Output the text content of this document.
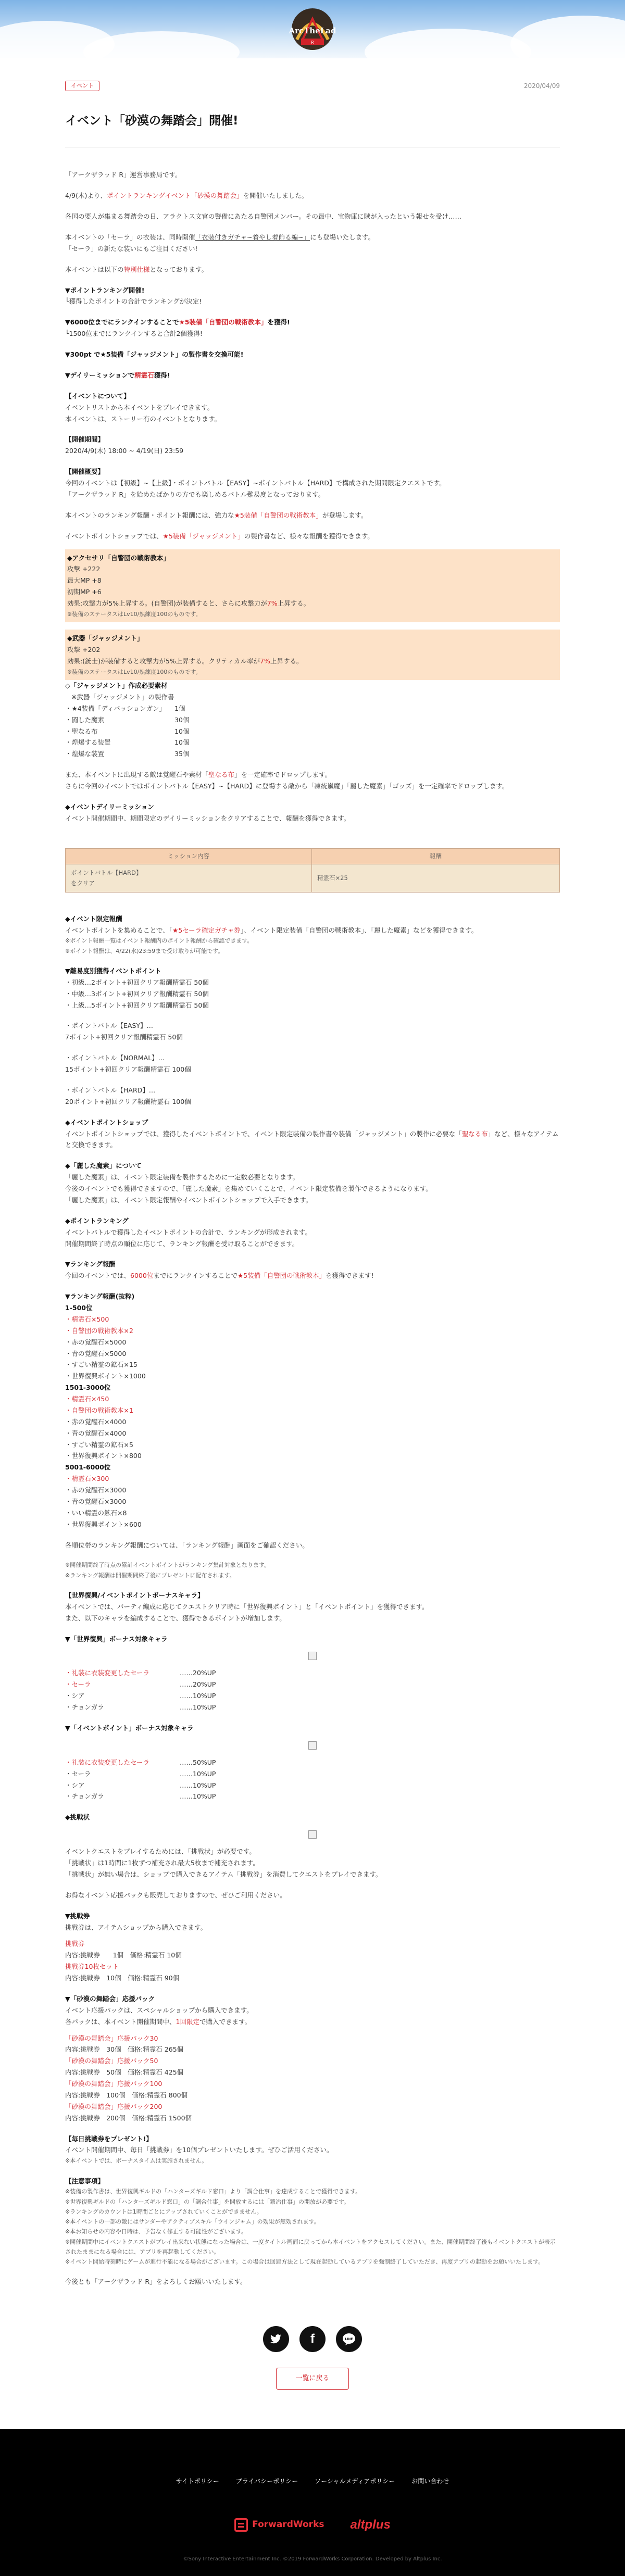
ArcTheLad
R
イベント	2020/04/09
イベント「砂漠の舞踏会」開催!

「アークザラッド R」運営事務局です。

4/9(木)より、ポイントランキングイベント「砂漠の舞踏会」を開催いたしました。

各国の要人が集まる舞踏会の日、アラクトス文官の警備にあたる自警団メンバー。その最中、宝物庫に賊が入ったという報せを受け……

本イベントの「セーラ」の衣装は、同時開催「衣装付きガチャ~着やし着飾る編~」にも登場いたします。

「セーラ」の新たな装いにもご注目ください!

本イベントは以下の特別仕様となっております。

▼ポイントランキング開催!

└獲得したポイントの合計でランキングが決定!

▼6000位までにランクインすることで★5装備「自警団の戦術教本」を獲得!

└1500位までにランクインすると合計2個獲得!

▼300pt で★5装備「ジャッジメント」の製作書を交換可能!

▼デイリーミッションで精霊石獲得!

【イベントについて】

イベントリストから本イベントをプレイできます。

本イベントは、ストーリー有のイベントとなります。

【開催期間】

2020/4/9(木) 18:00 ~ 4/19(日) 23:59

【開催概要】

今回のイベントは【初級】~【上級】・ポイントバトル【EASY】~ポイントバトル【HARD】で構成された期間限定クエストです。

「アークザラッド R」を始めたばかりの方でも楽しめるバトル難易度となっております。

本イベントのランキング報酬・ポイント報酬には、強力な★5装備「自警団の戦術教本」が登場します。

イベントポイントショップでは、★5装備「ジャッジメント」の製作書など、様々な報酬を獲得できます。

◆アクセサリ「自警団の戦術教本」

攻撃 +222

最大MP +8

初期MP +6

効果:攻撃力が5%上昇する。(自警団)が装備すると、さらに攻撃力が7%上昇する。

※装備のステータスはLv10/熟練度100のものです。

◆武器「ジャッジメント」

攻撃 +202

効果:(銃士)が装備すると攻撃力が5%上昇する。クリティカル率が7%上昇する。

※装備のステータスはLv10/熟練度100のものです。

◇「ジャッジメント」作成必要素材

※武器「ジャッジメント」の製作書

・★4装備「ディバッションガン」	1個
・闘した魔素	30個
・聖なる布	10個
・煌爆する装置	10個
・煌爆な装置	35個

また、本イベントに出現する敵は覚醒石や素材「聖なる布」を一定確率でドロップします。

さらに今回のイベントではポイントバトル【EASY】~【HARD】に登場する敵から「凍統嵐魔」「麗した魔素」「ゴッズ」を一定確率でドロップします。

◆イベントデイリーミッション

イベント開催期間中、期間限定のデイリーミッションをクリアすることで、報酬を獲得できます。

ミッション内容	報酬
ポイントバトル【HARD】
をクリア	精霊石×25

◆イベント限定報酬

イベントポイントを集めることで、「★5セーラ確定ガチャ券」、イベント限定装備「自警団の戦術教本」、「麗した魔素」などを獲得できます。

※ポイント報酬一覧はイベント報酬内のポイント報酬から確認できます。

※ポイント報酬は、4/22(水)23:59まで受け取りが可能です。

▼難易度別獲得イベントポイント

・初級…2ポイント+初回クリア報酬精霊石 50個

・中級…3ポイント+初回クリア報酬精霊石 50個

・上級…5ポイント+初回クリア報酬精霊石 50個

・ポイントバトル【EASY】…

7ポイント+初回クリア報酬精霊石 50個

・ポイントバトル【NORMAL】…

15ポイント+初回クリア報酬精霊石 100個

・ポイントバトル【HARD】…

20ポイント+初回クリア報酬精霊石 100個

◆イベントポイントショップ

イベントポイントショップでは、獲得したイベントポイントで、イベント限定装備の製作書や装備「ジャッジメント」の製作に必要な「聖なる布」など、様々なアイテムと交換できます。

◆「麗した魔素」について

「麗した魔素」は、イベント限定装備を製作するために一定数必要となります。

今後のイベントでも獲得できますので、「麗した魔素」を集めていくことで、イベント限定装備を製作できるようになります。

「麗した魔素」は、イベント限定報酬やイベントポイントショップで入手できます。

◆ポイントランキング

イベントバトルで獲得したイベントポイントの合計で、ランキングが形成されます。

開催期間終了時点の順位に応じて、ランキング報酬を受け取ることができます。

▼ランキング報酬

今回のイベントでは、6000位までにランクインすることで★5装備「自警団の戦術教本」を獲得できます!

▼ランキング報酬(抜粋)

1-500位

・精霊石×500

・自警団の戦術教本×2

・赤の覚醒石×5000

・青の覚醒石×5000

・すごい精霊の鉱石×15

・世界復興ポイント×1000

1501-3000位

・精霊石×450

・自警団の戦術教本×1

・赤の覚醒石×4000

・青の覚醒石×4000

・すごい精霊の鉱石×5

・世界復興ポイント×800

5001-6000位

・精霊石×300

・赤の覚醒石×3000

・青の覚醒石×3000

・いい精霊の鉱石×8

・世界復興ポイント×600

各順位帯のランキング報酬については、「ランキング報酬」画面をご確認ください。

※開催期間終了時点の累計イベントポイントがランキング集計対象となります。

※ランキング報酬は開催期間終了後にプレゼントに配布されます。

【世界復興/イベントポイントボーナスキャラ】

本イベントでは、パーティ編成に応じてクエストクリア時に「世界復興ポイント」と「イベントポイント」を獲得できます。

また、以下のキャラを編成することで、獲得できるポイントが増加します。

▼「世界復興」ボーナス対象キャラ

・礼装に衣装変更したセーラ	……20%UP
・セーラ	……20%UP
・シア	……10%UP
・チョンガラ	……10%UP

▼「イベントポイント」ボーナス対象キャラ

・礼装に衣装変更したセーラ	……50%UP
・セーラ	……10%UP
・シア	……10%UP
・チョンガラ	……10%UP

◆挑戦状

イベントクエストをプレイするためには、「挑戦状」が必要です。

「挑戦状」は1時間に1枚ずつ補充され最大5枚まで補充されます。

「挑戦状」が無い場合は、ショップで購入できるアイテム「挑戦券」を消費してクエストをプレイできます。

お得なイベント応援パックも販売しておりますので、ぜひご利用ください。

▼挑戦券

挑戦券は、アイテムショップから購入できます。

挑戦券

内容:挑戦券　　1個　価格:精霊石 10個

挑戦券10枚セット

内容:挑戦券　10個　価格:精霊石 90個

▼「砂漠の舞踏会」応援パック

イベント応援パックは、スペシャルショップから購入できます。

各パックは、本イベント開催期間中、1回限定で購入できます。

「砂漠の舞踏会」応援パック30

内容:挑戦券　30個　価格:精霊石 265個

「砂漠の舞踏会」応援パック50

内容:挑戦券　50個　価格:精霊石 425個

「砂漠の舞踏会」応援パック100

内容:挑戦券　100個　価格:精霊石 800個

「砂漠の舞踏会」応援パック200

内容:挑戦券　200個　価格:精霊石 1500個

【毎日挑戦券をプレゼント!】

イベント開催期間中、毎日「挑戦券」を10個プレゼントいたします。ぜひご活用ください。

※本イベントでは、ボーナスタイムは実施されません。

【注意事項】

※装備の製作書は、世界復興ギルドの「ハンターズギルド窓口」より「調合仕事」を達成することで獲得できます。

※世界復興ギルドの「ハンターズギルド窓口」の「調合仕事」を開放するには「鍛冶仕事」の開放が必要です。

※ランキングのカウントは1時間ごとにアップされていくことができません。

※本イベントの一部の敵にはサンダーやアクティブスキル「ウインジャム」の効果が無効されます。

※本お知らせの内容や日時は、予告なく修正する可能性がございます。

※開催期間中にイベントクエストがプレイ出来ない状態になった場合は、一度タイトル画面に戻ってから本イベントをアクセスしてください。また、開催期間終了後もイベントクエストが表示されたままになる場合には、アプリを再起動してください。

※イベント開始時刻時にゲームが進行不能になる場合がございます。この場合は回避方法として現在起動しているアプリを強制終了していただき、再度アプリの起動をお願いいたします。

今後とも「アークザラッド R」をよろしくお願いいたします。

f	LINE
一覧に戻る
サイトポリシー	プライバシーポリシー	ソーシャルメディアポリシー	お問い合わせ
ForwardWorks altplus

©Sony Interactive Entertainment Inc. ©2019 ForwardWorks Corporation. Developed by Altplus Inc.
